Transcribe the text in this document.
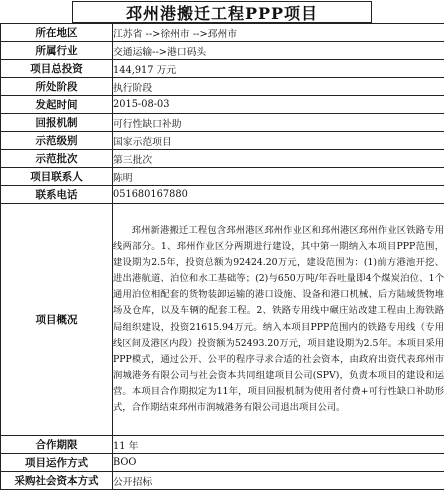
邳州港搬迁工程PPP项目
所在地区	江苏省 -->徐州市 -->邳州市
所属行业	交通运输-->港口码头
项目总投资	144,917 万元
所处阶段	执行阶段
发起时间	2015-08-03
回报机制	可行性缺口补助
示范级别	国家示范项目
示范批次	第三批次
项目联系人	陈明
联系电话	051680167880
项目概况	邳州新港搬迁工程包含邳州港区邳州作业区和邳州港区邳州作业区铁路专用线两部分。1、邳州作业区分两期进行建设，其中第一期纳入本项目PPP范围，建设期为2.5年，投资总额为92424.20万元，建设范围为：(1)前方港池开挖、进出港航道、泊位和水工基础等；(2)与650万吨/年吞吐量即4个煤炭泊位、1个通用泊位相配套的货物装卸运输的港口设施、设备和港口机械、后方陆域货物堆场及仓库，以及车辆的配套工程。2、铁路专用线中碾庄站改建工程由上海铁路局组织建设，投资21615.94万元。纳入本项目PPP范围内的铁路专用线（专用线区间及港区内段）投资额为52493.20万元，项目建设期为2.5年。本项目采用PPP模式，通过公开、公平的程序寻求合适的社会资本，由政府出资代表邳州市润城港务有限公司与社会资本共同组建项目公司(SPV)，负责本项目的建设和运营。本项目合作期拟定为11年，项目回报机制为使用者付费+可行性缺口补助形式，合作期结束邳州市润城港务有限公司退出项目公司。

合作期限	11 年
项目运作方式	BOO
采购社会资本方式	公开招标
